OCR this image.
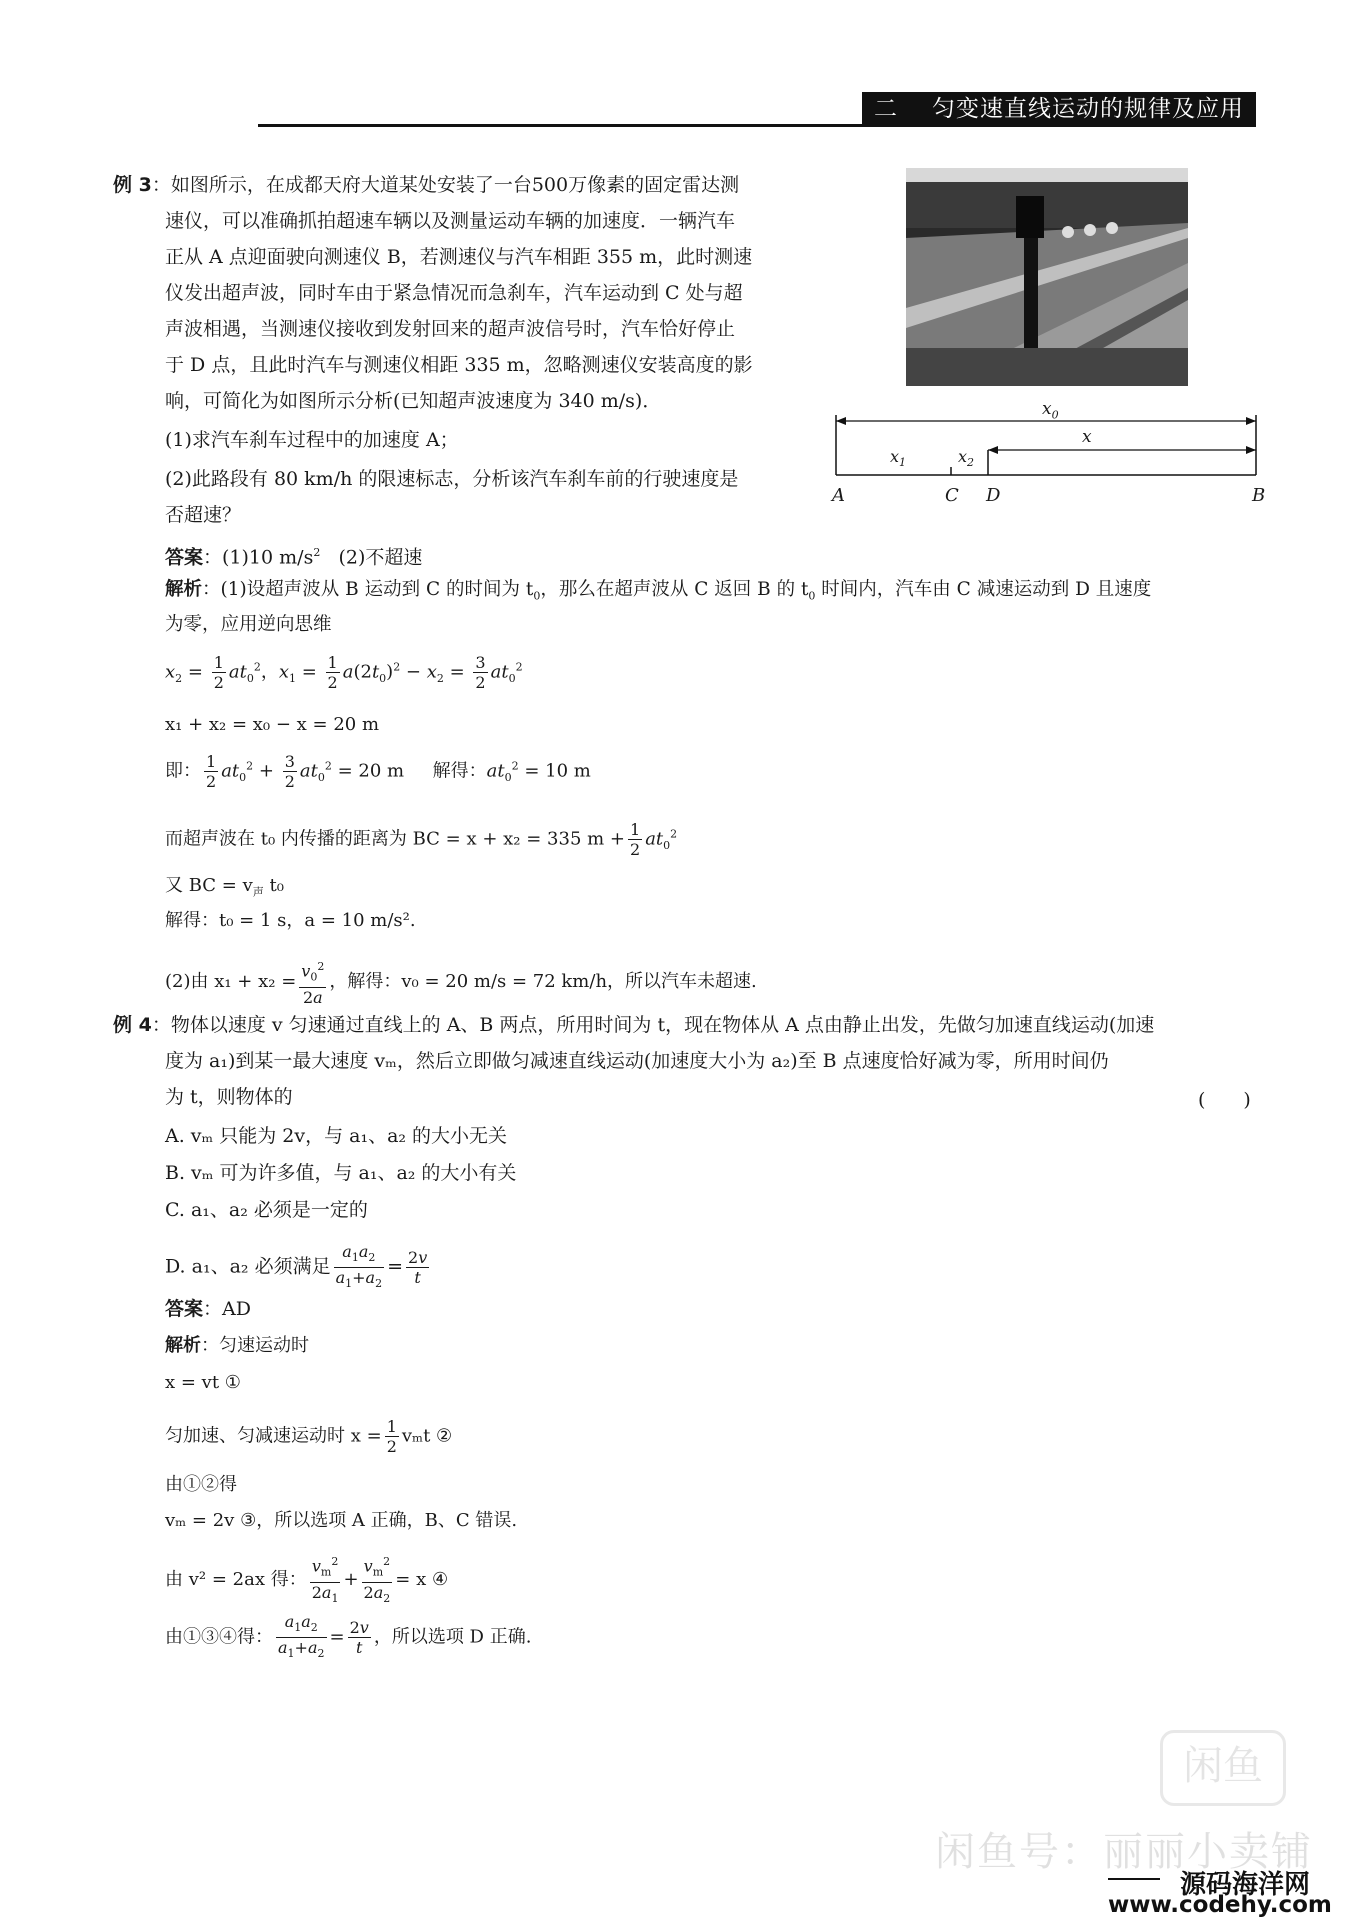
二 匀变速直线运动的规律及应用
例 3：如图所示，在成都天府大道某处安装了一台500万像素的固定雷达测
速仪，可以准确抓拍超速车辆以及测量运动车辆的加速度．一辆汽车
正从 A 点迎面驶向测速仪 B，若测速仪与汽车相距 355 m，此时测速
仪发出超声波，同时车由于紧急情况而急刹车，汽车运动到 C 处与超
声波相遇，当测速仪接收到发射回来的超声波信号时，汽车恰好停止
于 D 点，且此时汽车与测速仪相距 335 m，忽略测速仪安装高度的影
响，可简化为如图所示分析(已知超声波速度为 340 m/s)．
(1)求汽车刹车过程中的加速度 A；
(2)此路段有 80 km/h 的限速标志，分析该汽车刹车前的行驶速度是
否超速？
$x_0$
x
$x_1$	$x_2$
A	C D	B
答案：(1)10 $m/s^2$ (2)不超速
解析：(1)设超声波从 B 运动到 C 的时间为 $t_0$，那么在超声波从 C 返回 B 的 $t_0$ 时间内，汽车由 C 减速运动到 D 且速度
为零，应用逆向思维
$x_2 = \frac{1}{2} at_0^2$，$x_1 = \frac{1}{2} a(2t_0)^2 - x_2 = \frac{3}{2} at_0^2$
x₁ + x₂ = x₀ − x = 20 m
即： $\frac{1}{2} at_0^2 + \frac{3}{2} at_0^2 = 20$ m     解得：$at_0^2 = 10$ m
而超声波在 t₀ 内传播的距离为 BC = x + x₂ = 335 $m + \frac{1}{2} at_0^2$
又 BC = $v_声$ t₀
解得：t₀ = 1 s，a = 10 m/s².
(2)由 $x_1 + x_2 = \frac{v_0^2}{2a}$ ，解得：v₀ = 20 m/s = 72 km/h，所以汽车未超速.
例 4：物体以速度 v 匀速通过直线上的 A、B 两点，所用时间为 t，现在物体从 A 点由静止出发，先做匀加速直线运动(加速
度为 a₁)到某一最大速度 vₘ，然后立即做匀减速直线运动(加速度大小为 a₂)至 B 点速度恰好减为零，所用时间仍
为 t，则物体的	(　　)
A. vₘ 只能为 2v，与 a₁、a₂ 的大小无关
B. vₘ 可为许多值，与 a₁、a₂ 的大小有关
C. a₁、a₂ 必须是一定的
D. a₁、a₂ 必须满足 $\frac{a_1a_2}{a_1+a_2} = \frac{2v}{t}$
答案：AD
解析：匀速运动时
x = vt ①
匀加速、匀减速运动时 $x = \frac{1}{2}$ vₘt ②
由①②得
vₘ = 2v ③，所以选项 A 正确，B、C 错误.
由 v² = 2ax 得： $\frac{v_m^2}{2a_1} + \frac{v_m^2}{2a_2} = x$ ④
由①③④得： $\frac{a_1a_2}{a_1+a_2} = \frac{2v}{t}$ ，所以选项 D 正确.
闲鱼
闲鱼号：丽丽小卖铺
源码海洋网
www.codehy.com
